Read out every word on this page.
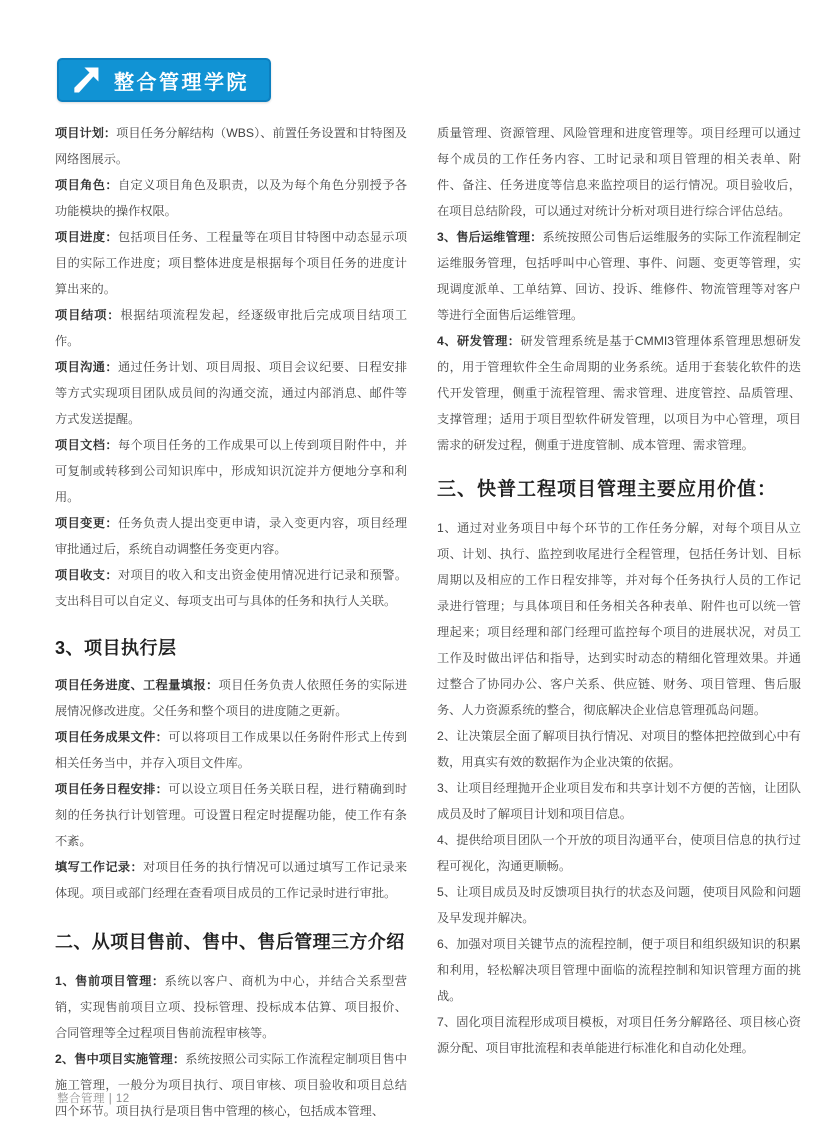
整合管理学院

项目计划：项目任务分解结构（WBS）、前置任务设置和甘特图及网络图展示。

项目角色：自定义项目角色及职责，以及为每个角色分别授予各功能模块的操作权限。

项目进度：包括项目任务、工程量等在项目甘特图中动态显示项目的实际工作进度；项目整体进度是根据每个项目任务的进度计算出来的。

项目结项：根据结项流程发起，经逐级审批后完成项目结项工作。

项目沟通：通过任务计划、项目周报、项目会议纪要、日程安排等方式实现项目团队成员间的沟通交流，通过内部消息、邮件等方式发送提醒。

项目文档：每个项目任务的工作成果可以上传到项目附件中，并可复制或转移到公司知识库中，形成知识沉淀并方便地分享和利用。

项目变更：任务负责人提出变更申请，录入变更内容，项目经理审批通过后，系统自动调整任务变更内容。

项目收支：对项目的收入和支出资金使用情况进行记录和预警。支出科目可以自定义、每项支出可与具体的任务和执行人关联。

3、项目执行层

项目任务进度、工程量填报：项目任务负责人依照任务的实际进展情况修改进度。父任务和整个项目的进度随之更新。

项目任务成果文件：可以将项目工作成果以任务附件形式上传到相关任务当中，并存入项目文件库。

项目任务日程安排：可以设立项目任务关联日程，进行精确到时刻的任务执行计划管理。可设置日程定时提醒功能，使工作有条不紊。

填写工作记录：对项目任务的执行情况可以通过填写工作记录来体现。项目或部门经理在查看项目成员的工作记录时进行审批。

二、从项目售前、售中、售后管理三方介绍

1、售前项目管理：系统以客户、商机为中心，并结合关系型营销，实现售前项目立项、投标管理、投标成本估算、项目报价、合同管理等全过程项目售前流程审核等。

2、售中项目实施管理：系统按照公司实际工作流程定制项目售中施工管理，一般分为项目执行、项目审核、项目验收和项目总结四个环节。项目执行是项目售中管理的核心，包括成本管理、

质量管理、资源管理、风险管理和进度管理等。项目经理可以通过每个成员的工作任务内容、工时记录和项目管理的相关表单、附件、备注、任务进度等信息来监控项目的运行情况。项目验收后，在项目总结阶段，可以通过对统计分析对项目进行综合评估总结。

3、售后运维管理：系统按照公司售后运维服务的实际工作流程制定运维服务管理，包括呼叫中心管理、事件、问题、变更等管理，实现调度派单、工单结算、回访、投诉、维修件、物流管理等对客户等进行全面售后运维管理。

4、研发管理：研发管理系统是基于CMMI3管理体系管理思想研发的，用于管理软件全生命周期的业务系统。适用于套装化软件的迭代开发管理，侧重于流程管理、需求管理、进度管控、品质管理、支撑管理；适用于项目型软件研发管理，以项目为中心管理，项目需求的研发过程，侧重于进度管制、成本管理、需求管理。

三、快普工程项目管理主要应用价值：

1、通过对业务项目中每个环节的工作任务分解，对每个项目从立项、计划、执行、监控到收尾进行全程管理，包括任务计划、目标周期以及相应的工作日程安排等，并对每个任务执行人员的工作记录进行管理；与具体项目和任务相关各种表单、附件也可以统一管理起来；项目经理和部门经理可监控每个项目的进展状况，对员工工作及时做出评估和指导，达到实时动态的精细化管理效果。并通过整合了协同办公、客户关系、供应链、财务、项目管理、售后服务、人力资源系统的整合，彻底解决企业信息管理孤岛问题。

2、让决策层全面了解项目执行情况、对项目的整体把控做到心中有数，用真实有效的数据作为企业决策的依据。

3、让项目经理抛开企业项目发布和共享计划不方便的苦恼，让团队成员及时了解项目计划和项目信息。

4、提供给项目团队一个开放的项目沟通平台，使项目信息的执行过程可视化，沟通更顺畅。

5、让项目成员及时反馈项目执行的状态及问题，使项目风险和问题及早发现并解决。

6、加强对项目关键节点的流程控制，便于项目和组织级知识的积累和利用，轻松解决项目管理中面临的流程控制和知识管理方面的挑战。

7、固化项目流程形成项目模板，对项目任务分解路径、项目核心资源分配、项目审批流程和表单能进行标准化和自动化处理。

整合管理 | 12
